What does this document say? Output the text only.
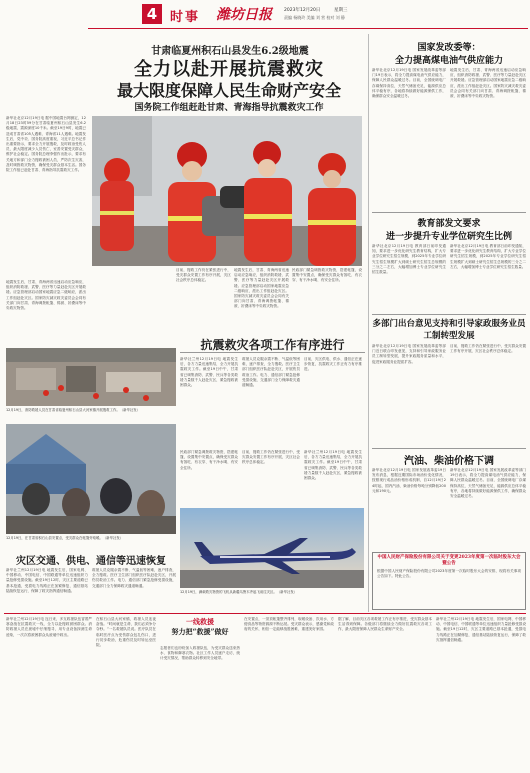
4 时事 潍坊日报	2023年12月20日	星期三
责编 杨晓玲 美编 刘 营 校对 刘 静
甘肃临夏州积石山县发生6.2级地震
全力以赴开展抗震救灾
最大限度保障人民生命财产安全
国务院工作组赶赴甘肃、青海指导抗震救灾工作
新华社北京12月19日电 据中国地震台网测定，12月18日23时59分在甘肃临夏州积石山县发生6.2级地震，震源深度10千米。截至19日9时，地震已造成甘肃省105人遇难、青海省11人遇难。地震发生后，党中央、国务院高度重视，习近平总书记作出重要指示，要求全力开展搜救，及时救治受伤人员，最大限度减少人员伤亡，妥善安置受灾群众，维护社会稳定。国务院总理李强作出批示，要求有关地方和部门全力搜救被困人员，严防次生灾害，及时调拨救灾物资，确保受灾群众基本生活。国务院工作组已赶赴甘肃、青海指导抗震救灾工作。
地震发生后，甘肃、青海两省迅速启动应急响应，组织消防救援、武警、医疗等力量赶赴灾区开展救援。应急管理部启动国家地震应急二级响应，派出工作组赶赴灾区。国家防灾减灾救灾委员会会同有关部门向甘肃、青海调拨帐篷、棉被、折叠床等中央救灾物资。
目前，搜救工作仍在紧张进行中，受灾群众安置工作有序开展，灾区社会秩序总体稳定。
地震发生后，甘肃、青海两省迅速启动应急响应，组织消防救援、武警、医疗等力量赶赴灾区开展救援。应急管理部启动国家地震应急二级响应，派出工作组赶赴灾区。国家防灾减灾救灾委员会会同有关部门向甘肃、青海调拨帐篷、棉被、折叠床等中央救灾物资。
民政部门紧急调拨救灾物资，搭建帐篷，设置集中安置点，确保受灾群众有饭吃、有衣穿、有干净水喝、有安全住所。
12月19日，消防救援人员在甘肃省临夏州积石山县大河家镇开展搜救工作。（新华社发）
12月19日，在甘肃省积石山县安置点，受灾群众在帐篷旁取暖。（新华社发）
抗震救灾各项工作有序进行
新华社兰州12月19日电 地震发生后，各方力量迅速集结，全力开展抗震救灾工作。截至19日中午，甘肃省已调集消防、武警、民兵等各类救援力量数千人赶赴灾区，紧急搜救被困群众。
救援人员克服余震不断、气温低等困难，逐户排查，全力搜救。医疗卫生部门组织医疗队赶赴灾区，开展伤员救治工作。电力、通信部门紧急抢修受损设施，交通部门全力保障救灾通道畅通。
目前，灾区供电、供水、通信正在逐步恢复，抗震救灾工作正有力有序推进。
民政部门紧急调拨救灾物资，搭建帐篷，设置集中安置点，确保受灾群众有饭吃、有衣穿、有干净水喝、有安全住所。
目前，搜救工作仍在紧张进行中，受灾群众安置工作有序开展，灾区社会秩序总体稳定。
新华社兰州12月19日电 地震发生后，各方力量迅速集结，全力开展抗震救灾工作。截至19日中午，甘肃省已调集消防、武警、民兵等各类救援力量数千人赶赴灾区，紧急搜救被困群众。
12月19日，满载救灾物资的飞机从新疆乌鲁木齐起飞前往灾区。（新华社发）
灾区交通、供电、通信等迅速恢复
新华社兰州12月19日电 地震发生后，国家电网、中国移动、中国电信、中国联通等单位迅速组织力量抢修受损设施。截至19日12时，灾区主要道路已基本抢通，受损电力线路正在加紧修复，通信基站陆续恢复运行，保障了救灾指挥通信畅通。
救援人员克服余震不断、气温低等困难，逐户排查，全力搜救。医疗卫生部门组织医疗队赶赴灾区，开展伤员救治工作。电力、通信部门紧急抢修受损设施，交通部门全力保障救灾通道畅通。
国家发改委等：
全力提高煤电油气供应能力
新华社北京12月19日电 国家发展改革委等部门19日表示，将全力提高煤电油气供应能力，保障人民群众温暖过冬。目前，全国统调电厂存煤保持高位，天然气储备充足，能源供应总体平稳有序，各地将持续做好能源保供工作，确保群众安全温暖过冬。
地震发生后，甘肃、青海两省迅速启动应急响应，组织消防救援、武警、医疗等力量赶赴灾区开展救援。应急管理部启动国家地震应急二级响应，派出工作组赶赴灾区。国家防灾减灾救灾委员会会同有关部门向甘肃、青海调拨帐篷、棉被、折叠床等中央救灾物资。
教育部发文要求
进一步提升专业学位研究生比例
新华社北京12月19日电 教育部日前印发通知，要求进一步优化研究生教育结构，扩大专业学位研究生招生规模，到2025年专业学位研究生招生规模扩大到硕士研究生招生总规模的三分之二左右，大幅增加博士专业学位研究生招生数量。
新华社北京12月19日电 教育部日前印发通知，要求进一步优化研究生教育结构，扩大专业学位研究生招生规模，到2025年专业学位研究生招生规模扩大到硕士研究生招生总规模的三分之二左右，大幅增加博士专业学位研究生招生数量。
多部门出台意见支持和引导家政服务业员工制转型发展
新华社北京12月19日电 国家发展改革委等部门近日联合印发意见，支持和引导家政服务业员工制转型发展，提升家政服务质量和水平，促进家政服务业提质扩容。
目前，搜救工作仍在紧张进行中，受灾群众安置工作有序开展，灾区社会秩序总体稳定。
汽油、柴油价格下调
新华社北京12月19日电 国家发展改革委19日发布消息，根据近期国际市场油价变化情况，按照现行成品油价格形成机制，自12月19日24时起，国内汽油、柴油价格每吨分别降低200元和190元。
新华社北京12月19日电 国家发展改革委等部门19日表示，将全力提高煤电油气供应能力，保障人民群众温暖过冬。目前，全国统调电厂存煤保持高位，天然气储备充足，能源供应总体平稳有序，各地将持续做好能源保供工作，确保群众安全温暖过冬。
中国人民财产保险股份有限公司关于变更2023年度第一次临时股东大会暨公告
根据中国人民财产保险股份有限公司2023年度第一次临时股东大会的安排，现将有关事项公告如下。特此公告。
新华社兰州12月19日电 连日来，多支救援队伍冒着严寒奋战在抗震救灾一线，全力以赴搜救被困群众。消防救援人员在废墟中仔细搜寻，用专业设备探测生命迹象，一次次将被困群众从废墟中救出。
在积石山县大河家镇，救援人员连夜奋战。“时间就是生命，我们必须争分夺秒。”一名救援队员说。医疗队员在临时医疗点为受伤群众包扎伤口，进行初步救治，危重伤员及时转运至医院。
一线救援
努力把“救援”做好
志愿者们也纷纷加入救援队伍，为受灾群众送来热水、食物和御寒衣物。社区工作人员逐户走访，统计受灾情况，帮助群众转移到安全地带。
在安置点，一顶顶帐篷整齐排列，取暖设备、饮用水、方便食品等物资源源不断运抵。受灾群众表示，感谢党和政府的关怀，相信一定能够战胜困难，重建美好家园。
据了解，目前灾区各项救援工作正有序推进，受灾群众基本生活得到保障。各级部门将继续全力做好抗震救灾各项工作，最大限度保障人民群众生命财产安全。
新华社兰州12月19日电 地震发生后，国家电网、中国移动、中国电信、中国联通等单位迅速组织力量抢修受损设施。截至19日12时，灾区主要道路已基本抢通，受损电力线路正在加紧修复，通信基站陆续恢复运行，保障了救灾指挥通信畅通。
